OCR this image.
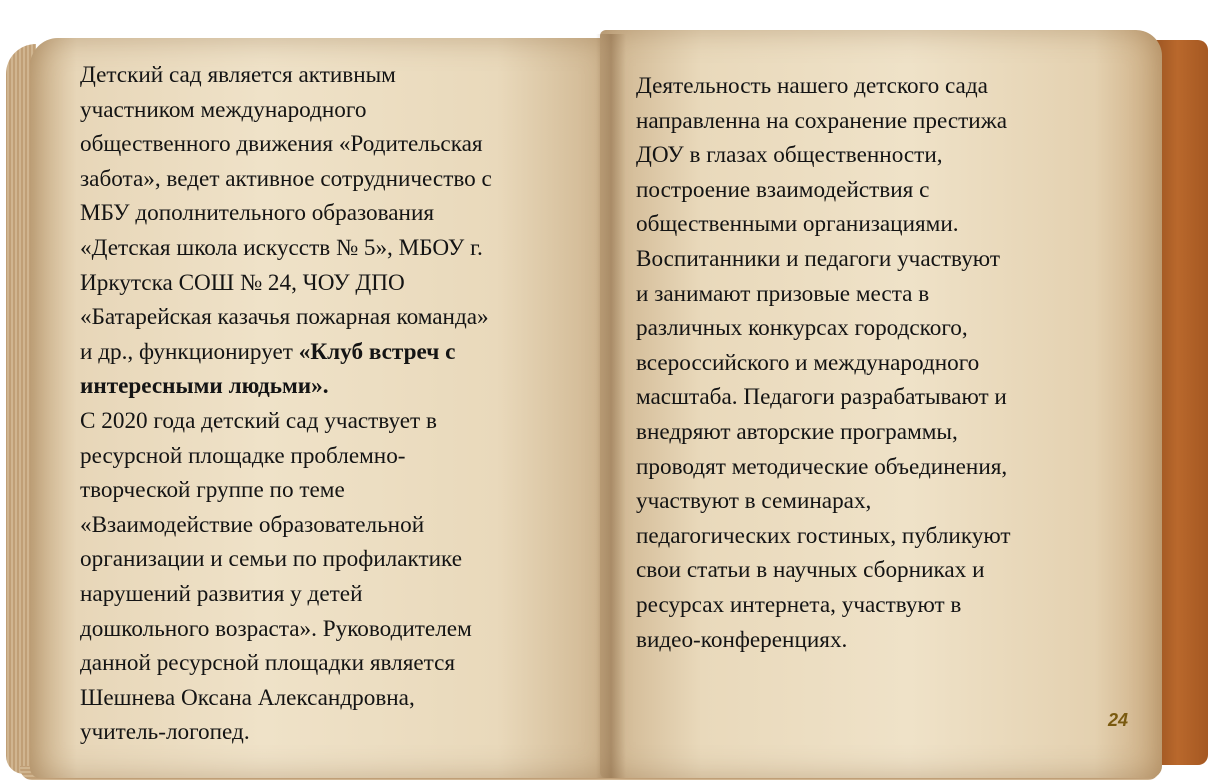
Детский сад является активным
участником международного
общественного движения «Родительская
забота», ведет активное сотрудничество с
МБУ дополнительного образования
«Детская школа искусств № 5», МБОУ г.
Иркутска СОШ № 24, ЧОУ ДПО
«Батарейская казачья пожарная команда»
и др., функционирует «Клуб встреч с
интересными людьми».
С 2020 года детский сад участвует в
ресурсной площадке проблемно-
творческой группе по теме
«Взаимодействие образовательной
организации и семьи по профилактике
нарушений развития у детей
дошкольного возраста». Руководителем
данной ресурсной площадки является
Шешнева Оксана Александровна,
учитель-логопед.
Деятельность нашего детского сада
направленна на сохранение престижа
ДОУ в глазах общественности,
построение взаимодействия с
общественными организациями.
Воспитанники и педагоги участвуют
и занимают призовые места в
различных конкурсах городского,
всероссийского и международного
масштаба. Педагоги разрабатывают и
внедряют авторские программы,
проводят методические объединения,
участвуют в семинарах,
педагогических гостиных, публикуют
свои статьи в научных сборниках и
ресурсах интернета, участвуют в
видео-конференциях.
24
